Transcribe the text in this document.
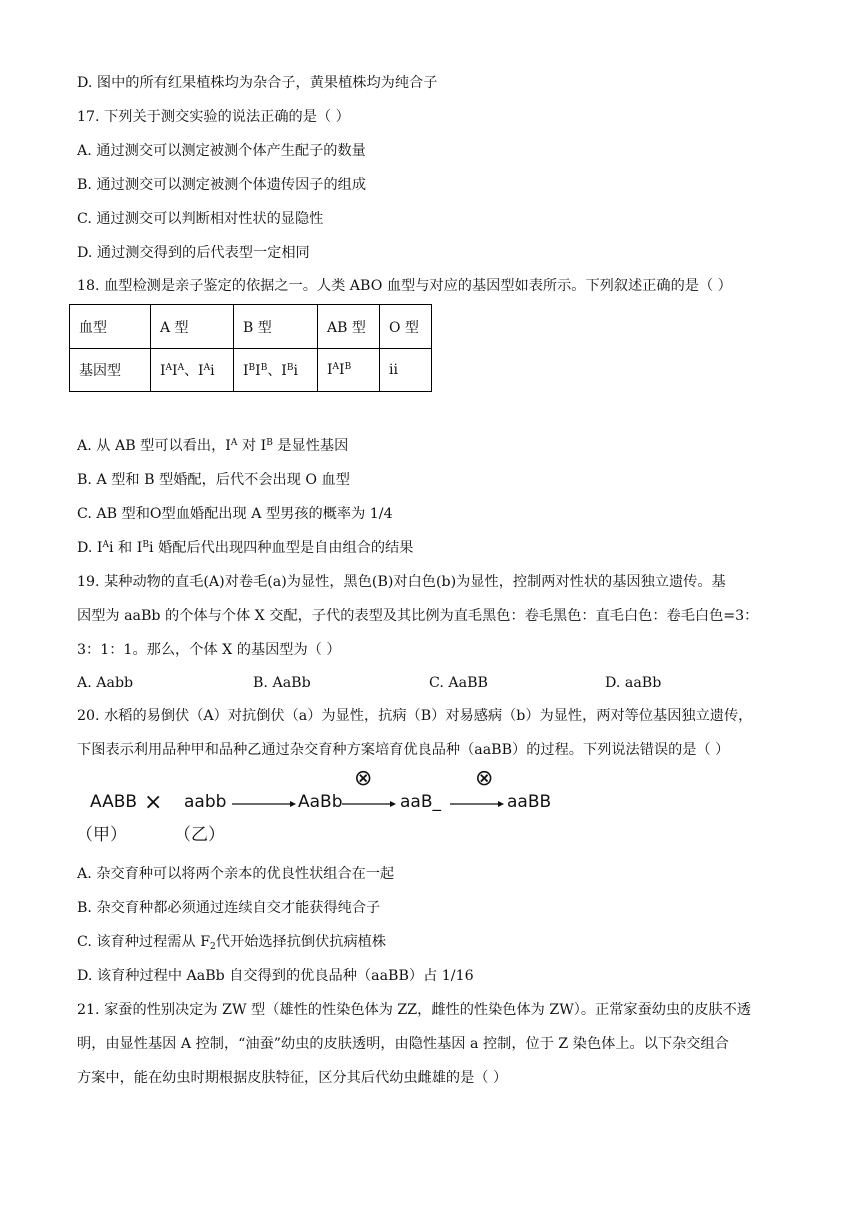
D. 图中的所有红果植株均为杂合子，黄果植株均为纯合子
17. 下列关于测交实验的说法正确的是（ ）
A. 通过测交可以测定被测个体产生配子的数量
B. 通过测交可以测定被测个体遗传因子的组成
C. 通过测交可以判断相对性状的显隐性
D. 通过测交得到的后代表型一定相同
18. 血型检测是亲子鉴定的依据之一。人类 ABO 血型与对应的基因型如表所示。下列叙述正确的是（ ）
血型	A 型	B 型	AB 型	O 型
基因型	$I^AI^A$、$I^Ai$	$I^BI^B$、$I^Bi$	$I^AI^B$	ii
A. 从 AB 型可以看出，$I^A$ 对 $I^B$ 是显性基因
B. A 型和 B 型婚配，后代不会出现 O 血型
C. AB 型和O型血婚配出现 A 型男孩的概率为 1/4
D. $I^Ai$ 和 $I^Bi$ 婚配后代出现四种血型是自由组合的结果
19. 某种动物的直毛(A)对卷毛(a)为显性，黑色(B)对白色(b)为显性，控制两对性状的基因独立遗传。基
因型为 aaBb 的个体与个体 X 交配，子代的表型及其比例为直毛黑色：卷毛黑色：直毛白色：卷毛白色=3：
3：1：1。那么，个体 X 的基因型为（ ）
A. Aabb	B. AaBb	C. AaBB	D. aaBb
20. 水稻的易倒伏（A）对抗倒伏（a）为显性，抗病（B）对易感病（b）为显性，两对等位基因独立遗传，
下图表示利用品种甲和品种乙通过杂交育种方案培育优良品种（aaBB）的过程。下列说法错误的是（ ）
AABB × aabb
（甲）	（乙）
AaBb	aaB_	aaBB
⊗	⊗
A. 杂交育种可以将两个亲本的优良性状组合在一起
B. 杂交育种都必须通过连续自交才能获得纯合子
C. 该育种过程需从 $F_2$代开始选择抗倒伏抗病植株
D. 该育种过程中 AaBb 自交得到的优良品种（aaBB）占 1/16
21. 家蚕的性别决定为 ZW 型（雄性的性染色体为 ZZ，雌性的性染色体为 ZW）。正常家蚕幼虫的皮肤不透
明，由显性基因 A 控制，“油蚕”幼虫的皮肤透明，由隐性基因 a 控制，位于 Z 染色体上。以下杂交组合
方案中，能在幼虫时期根据皮肤特征，区分其后代幼虫雌雄的是（ ）
